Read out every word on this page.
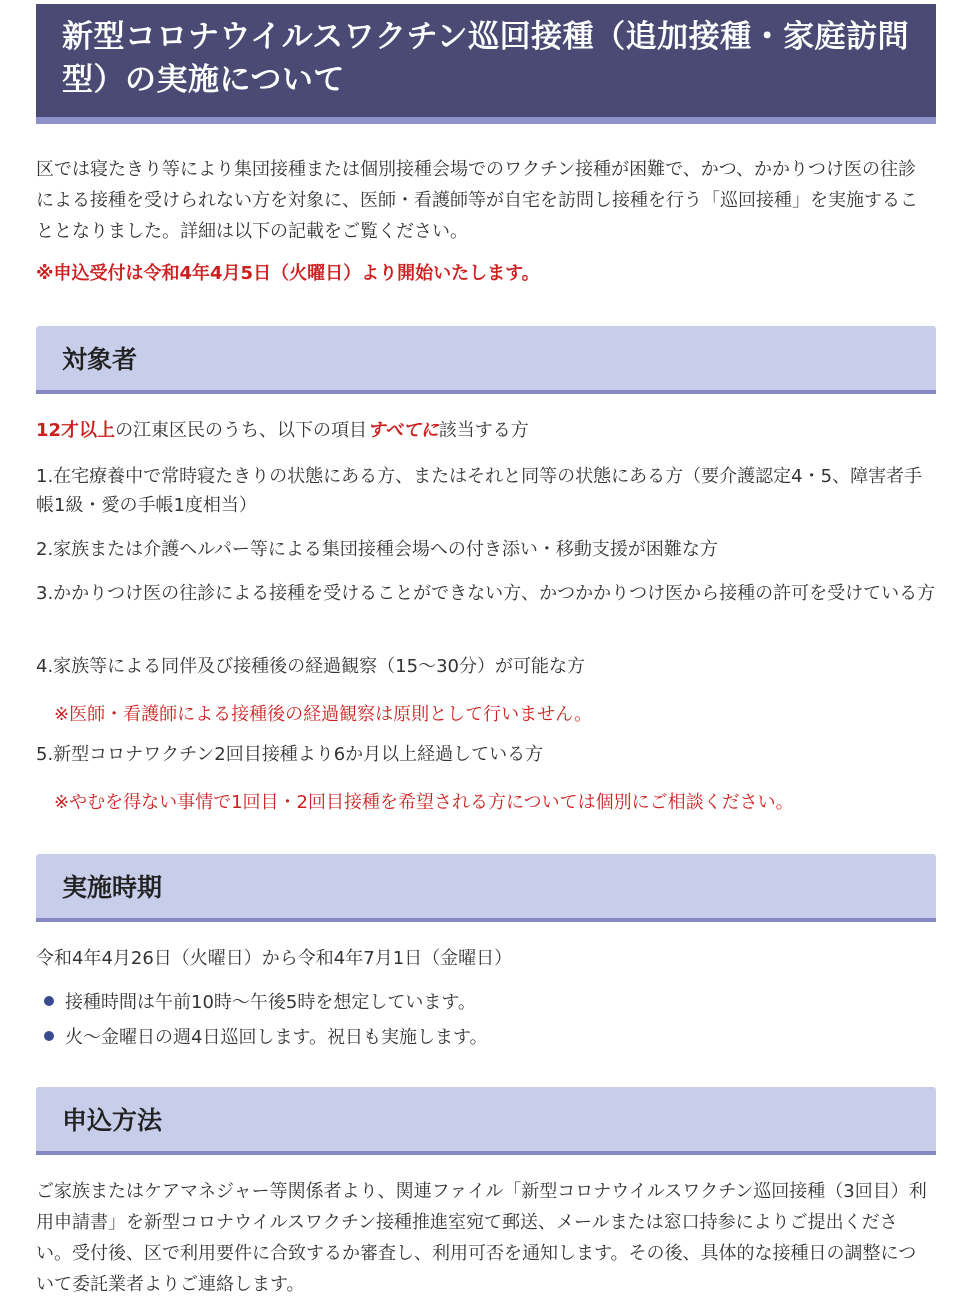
新型コロナウイルスワクチン巡回接種（追加接種・家庭訪問型）の実施について
区では寝たきり等により集団接種または個別接種会場でのワクチン接種が困難で、かつ、かかりつけ医の往診による接種を受けられない方を対象に、医師・看護師等が自宅を訪問し接種を行う「巡回接種」を実施することとなりました。詳細は以下の記載をご覧ください。
※申込受付は令和4年4月5日（火曜日）より開始いたします。
対象者
12才以上の江東区民のうち、以下の項目すべてに該当する方
1.在宅療養中で常時寝たきりの状態にある方、またはそれと同等の状態にある方（要介護認定4・5、障害者手帳1級・愛の手帳1度相当）
2.家族または介護ヘルパー等による集団接種会場への付き添い・移動支援が困難な方
3.かかりつけ医の往診による接種を受けることができない方、かつかかりつけ医から接種の許可を受けている方
4.家族等による同伴及び接種後の経過観察（15〜30分）が可能な方
※医師・看護師による接種後の経過観察は原則として行いません。
5.新型コロナワクチン2回目接種より6か月以上経過している方
※やむを得ない事情で1回目・2回目接種を希望される方については個別にご相談ください。
実施時期
令和4年4月26日（火曜日）から令和4年7月1日（金曜日）
接種時間は午前10時〜午後5時を想定しています。
火〜金曜日の週4日巡回します。祝日も実施します。
申込方法
ご家族またはケアマネジャー等関係者より、関連ファイル「新型コロナウイルスワクチン巡回接種（3回目）利用申請書」を新型コロナウイルスワクチン接種推進室宛て郵送、メールまたは窓口持参によりご提出ください。受付後、区で利用要件に合致するか審査し、利用可否を通知します。その後、具体的な接種日の調整について委託業者よりご連絡します。
